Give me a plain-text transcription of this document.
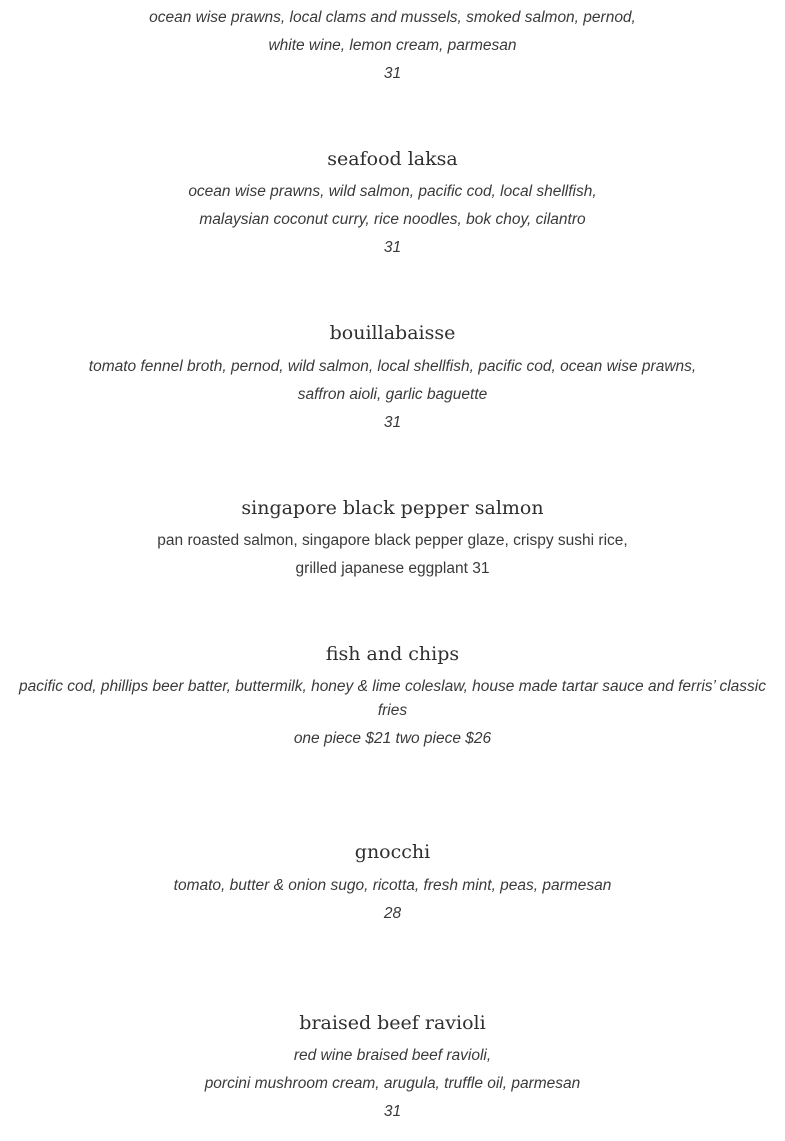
ocean wise prawns, local clams and mussels, smoked salmon, pernod,
white wine, lemon cream, parmesan
31
seafood laksa
ocean wise prawns, wild salmon, pacific cod, local shellfish,
malaysian coconut curry, rice noodles, bok choy, cilantro
31
bouillabaisse
tomato fennel broth, pernod, wild salmon, local shellfish, pacific cod, ocean wise prawns,
saffron aioli, garlic baguette
31
singapore black pepper salmon
pan roasted salmon, singapore black pepper glaze, crispy sushi rice,
grilled japanese eggplant 31
fish and chips
pacific cod, phillips beer batter, buttermilk, honey & lime coleslaw, house made tartar sauce and ferris’ classic fries
one piece $21 two piece $26
gnocchi
tomato, butter & onion sugo, ricotta, fresh mint, peas, parmesan
28
braised beef ravioli
red wine braised beef ravioli,
porcini mushroom cream, arugula, truffle oil, parmesan
31
